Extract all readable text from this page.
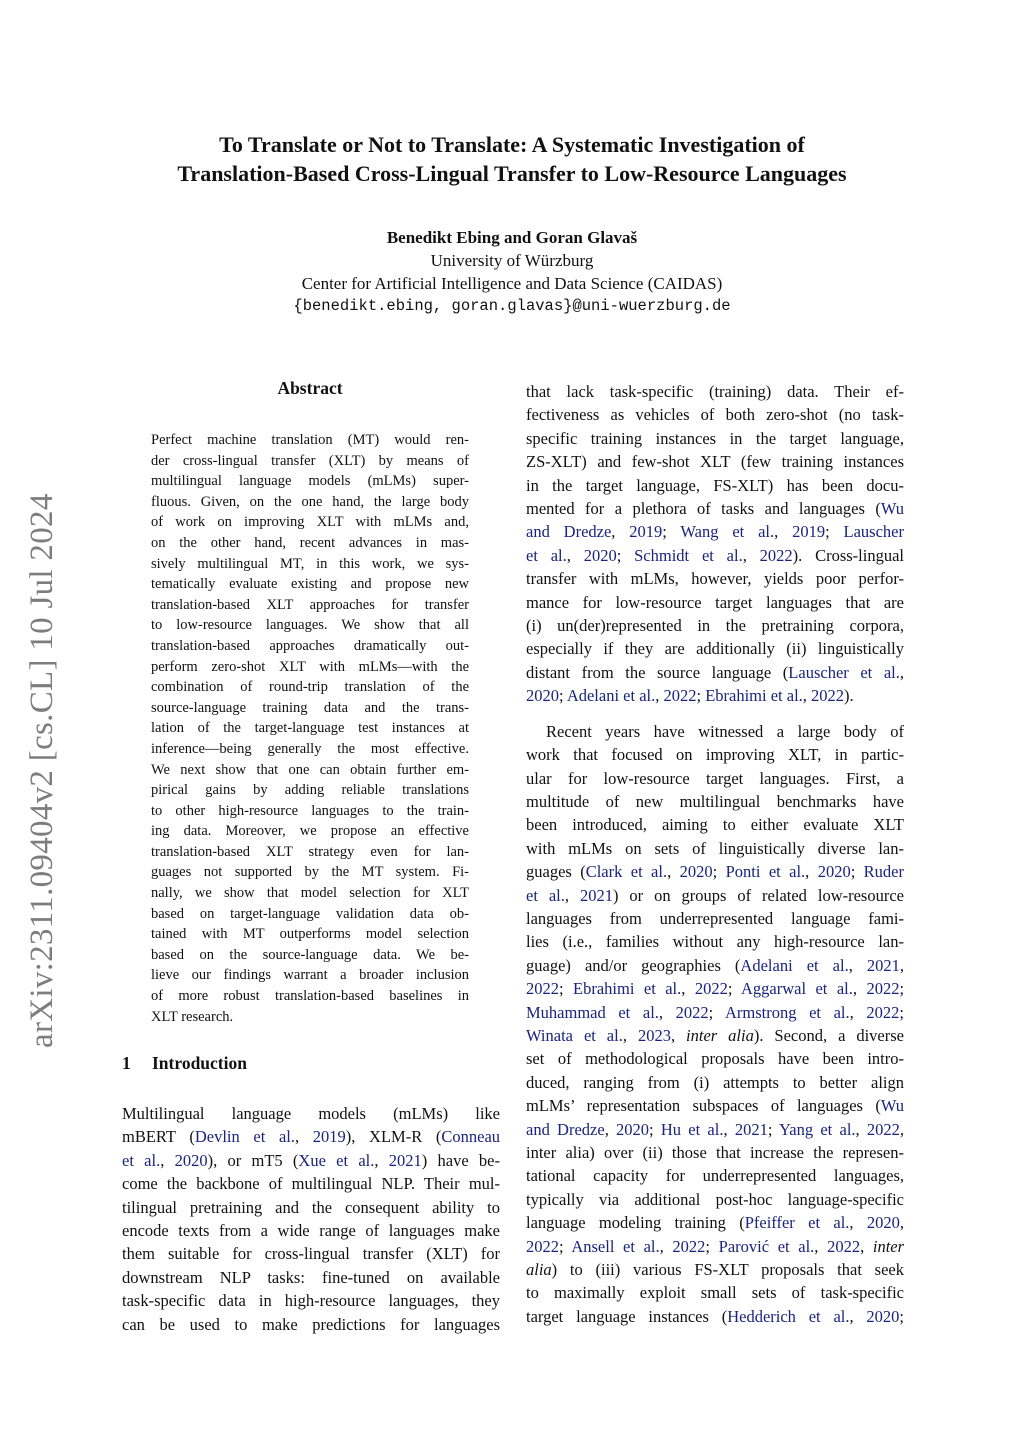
To Translate or Not to Translate: A Systematic Investigation of
Translation-Based Cross-Lingual Transfer to Low-Resource Languages
Benedikt Ebing and Goran Glavaš
University of Würzburg
Center for Artificial Intelligence and Data Science (CAIDAS)
{benedikt.ebing, goran.glavas}@uni-wuerzburg.de
arXiv:2311.09404v2 [cs.CL] 10 Jul 2024
Abstract
Perfect machine translation (MT) would ren-
der cross-lingual transfer (XLT) by means of
multilingual language models (mLMs) super-
fluous. Given, on the one hand, the large body
of work on improving XLT with mLMs and,
on the other hand, recent advances in mas-
sively multilingual MT, in this work, we sys-
tematically evaluate existing and propose new
translation-based XLT approaches for transfer
to low-resource languages. We show that all
translation-based approaches dramatically out-
perform zero-shot XLT with mLMs—with the
combination of round-trip translation of the
source-language training data and the trans-
lation of the target-language test instances at
inference—being generally the most effective.
We next show that one can obtain further em-
pirical gains by adding reliable translations
to other high-resource languages to the train-
ing data. Moreover, we propose an effective
translation-based XLT strategy even for lan-
guages not supported by the MT system. Fi-
nally, we show that model selection for XLT
based on target-language validation data ob-
tained with MT outperforms model selection
based on the source-language data. We be-
lieve our findings warrant a broader inclusion
of more robust translation-based baselines in
XLT research.
1 Introduction
Multilingual language models (mLMs) like
mBERT (Devlin et al., 2019), XLM-R (Conneau
et al., 2020), or mT5 (Xue et al., 2021) have be-
come the backbone of multilingual NLP. Their mul-
tilingual pretraining and the consequent ability to
encode texts from a wide range of languages make
them suitable for cross-lingual transfer (XLT) for
downstream NLP tasks: fine-tuned on available
task-specific data in high-resource languages, they
can be used to make predictions for languages
that lack task-specific (training) data. Their ef-
fectiveness as vehicles of both zero-shot (no task-
specific training instances in the target language,
ZS-XLT) and few-shot XLT (few training instances
in the target language, FS-XLT) has been docu-
mented for a plethora of tasks and languages (Wu
and Dredze, 2019; Wang et al., 2019; Lauscher
et al., 2020; Schmidt et al., 2022). Cross-lingual
transfer with mLMs, however, yields poor perfor-
mance for low-resource target languages that are
(i) un(der)represented in the pretraining corpora,
especially if they are additionally (ii) linguistically
distant from the source language (Lauscher et al.,
2020; Adelani et al., 2022; Ebrahimi et al., 2022).
Recent years have witnessed a large body of
work that focused on improving XLT, in partic-
ular for low-resource target languages. First, a
multitude of new multilingual benchmarks have
been introduced, aiming to either evaluate XLT
with mLMs on sets of linguistically diverse lan-
guages (Clark et al., 2020; Ponti et al., 2020; Ruder
et al., 2021) or on groups of related low-resource
languages from underrepresented language fami-
lies (i.e., families without any high-resource lan-
guage) and/or geographies (Adelani et al., 2021,
2022; Ebrahimi et al., 2022; Aggarwal et al., 2022;
Muhammad et al., 2022; Armstrong et al., 2022;
Winata et al., 2023, inter alia). Second, a diverse
set of methodological proposals have been intro-
duced, ranging from (i) attempts to better align
mLMs’ representation subspaces of languages (Wu
and Dredze, 2020; Hu et al., 2021; Yang et al., 2022,
inter alia) over (ii) those that increase the represen-
tational capacity for underrepresented languages,
typically via additional post-hoc language-specific
language modeling training (Pfeiffer et al., 2020,
2022; Ansell et al., 2022; Parović et al., 2022, inter
alia) to (iii) various FS-XLT proposals that seek
to maximally exploit small sets of task-specific
target language instances (Hedderich et al., 2020;
